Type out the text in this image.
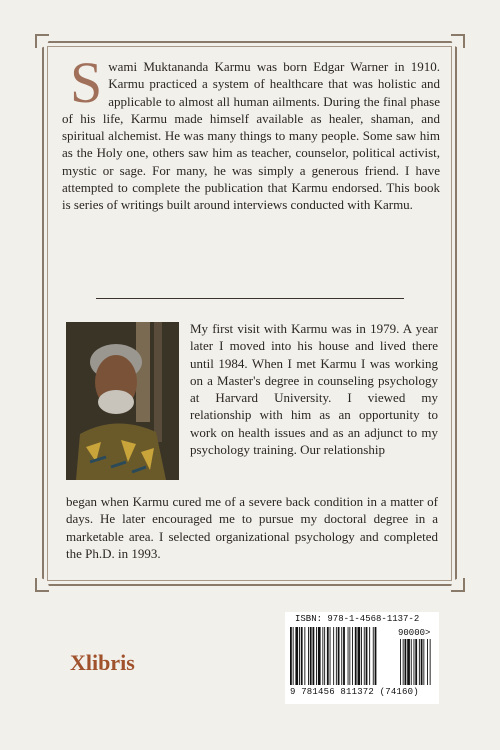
Swami Muktananda Karmu was born Edgar Warner in 1910. Karmu practiced a system of healthcare that was holistic and applicable to almost all human ailments. During the final phase of his life, Karmu made himself available as healer, shaman, and spiritual alchemist. He was many things to many people. Some saw him as the Holy one, others saw him as teacher, counselor, political activist, mystic or sage. For many, he was simply a generous friend. I have attempted to complete the publication that Karmu endorsed. This book is series of writings built around interviews conducted with Karmu.
My first visit with Karmu was in 1979. A year later I moved into his house and lived there until 1984. When I met Karmu I was working on a Master's degree in counseling psychology at Harvard University. I viewed my relationship with him as an opportunity to work on health issues and as an adjunct to my psychology training. Our relationship
began when Karmu cured me of a severe back condition in a matter of days. He later encouraged me to pursue my doctoral degree in a marketable area. I selected organizational psychology and completed the Ph.D. in 1993.
Xlibris
ISBN: 978-1-4568-1137-2
90000>
9 781456 811372 (74160)
